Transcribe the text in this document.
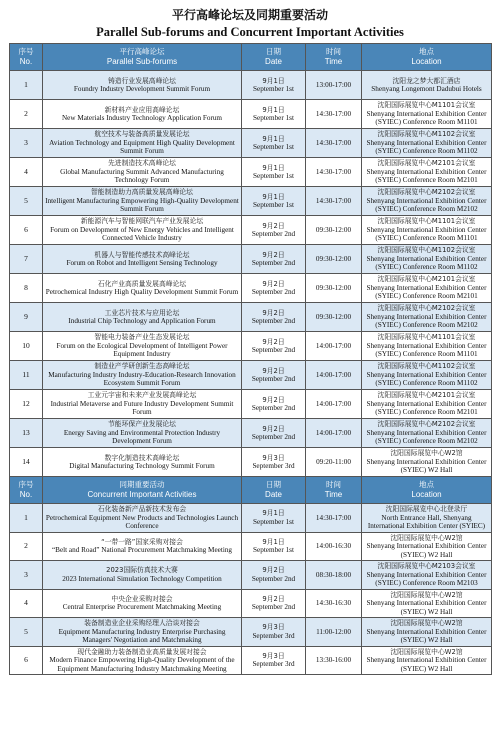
平行高峰论坛及同期重要活动
Parallel Sub-forums and Concurrent Important Activities
序号
No.	平行高峰论坛
Parallel Sub-forums	日期
Date	时间
Time	地点
Location

1	铸造行业发展高峰论坛
Foundry Industry Development Summit Forum	9月1日
September 1st	13:00-17:00	沈阳龙之梦大都汇酒店
Shenyang Longemont Dadubui Hotels

2	新材料产业应用高峰论坛
New Materials Industry Technology Application Forum	9月1日
September 1st	14:30-17:00	沈阳国际展览中心M1101会议室
Shenyang International Exhibition Center (SYIEC) Conference Room M1101

3	航空技术与装备高质量发展论坛
Aviation Technology and Equipment High Quality Development Summit Forum	9月1日
September 1st	14:30-17:00	沈阳国际展览中心M1102会议室
Shenyang International Exhibition Center (SYIEC) Conference Room M1102

4	先进制造技术高峰论坛
Global Manufacturing Summit Advanced Manufacturing Technology Forum	9月1日
September 1st	14:30-17:00	沈阳国际展览中心M2101会议室
Shenyang International Exhibition Center (SYIEC) Conference Room M2101

5	智能制造助力高质量发展高峰论坛
Intelligent Manufacturing Empowering High-Quality Development Summit Forum	9月1日
September 1st	14:30-17:00	沈阳国际展览中心M2102会议室
Shenyang International Exhibition Center (SYIEC) Conference Room M2102

6	新能源汽车与智能网联汽车产业发展论坛
Forum on Development of New Energy Vehicles and Intelligent Connected Vehicle Industry	9月2日
September 2nd	09:30-12:00	沈阳国际展览中心M1101会议室
Shenyang International Exhibition Center (SYIEC) Conference Room M1101

7	机器人与智能传感技术高峰论坛
Forum on Robot and Intelligent Sensing Technology	9月2日
September 2nd	09:30-12:00	沈阳国际展览中心M1102会议室
Shenyang International Exhibition Center (SYIEC) Conference Room M1102

8	石化产业高质量发展高峰论坛
Petrochemical Industry High Quality Development Summit Forum	9月2日
September 2nd	09:30-12:00	沈阳国际展览中心M2101会议室
Shenyang International Exhibition Center (SYIEC) Conference Room M2101

9	工业芯片技术与应用论坛
Industrial Chip Technology and Application Forum	9月2日
September 2nd	09:30-12:00	沈阳国际展览中心M2102会议室
Shenyang International Exhibition Center (SYIEC) Conference Room M2102

10	智能电力装备产业生态发展论坛
Forum on the Ecological Development of Intelligent Power Equipment Industry	9月2日
September 2nd	14:00-17:00	沈阳国际展览中心M1101会议室
Shenyang International Exhibition Center (SYIEC) Conference Room M1101

11	制造业产学研创新生态高峰论坛
Manufacturing Industry Industry-Education-Research Innovation Ecosystem Summit Forum	9月2日
September 2nd	14:00-17:00	沈阳国际展览中心M1102会议室
Shenyang International Exhibition Center (SYIEC) Conference Room M1102

12	工业元宇宙和未来产业发展高峰论坛
Industrial Metaverse and Future Industry Development Summit Forum	9月2日
September 2nd	14:00-17:00	沈阳国际展览中心M2101会议室
Shenyang International Exhibition Center (SYIEC) Conference Room M2101

13	节能环保产业发展论坛
Energy Saving and Environmental Protection Industry Development Forum	9月2日
September 2nd	14:00-17:00	沈阳国际展览中心M2102会议室
Shenyang International Exhibition Center (SYIEC) Conference Room M2102

14	数字化制造技术高峰论坛
Digital Manufacturing Technology Summit Forum	9月3日
September 3rd	09:20-11:00	沈阳国际展览中心W2馆
Shenyang International Exhibition Center (SYIEC) W2 Hall

序号
No.	同期重要活动
Concurrent Important Activities	日期
Date	时间
Time	地点
Location

1	石化装备新产品新技术发布会
Petrochemical Equipment New Products and Technologies Launch Conference	9月1日
September 1st	14:30-17:00	沈阳国际展览中心北登录厅
North Entrance Hall, Shenyang International Exhibition Center (SYIEC)

2	“一带一路”国家采购对接会
“Belt and Road” National Procurement Matchmaking Meeting	9月1日
September 1st	14:00-16:30	沈阳国际展览中心W2馆
Shenyang International Exhibition Center (SYIEC) W2 Hall

3	2023国际仿真技术大赛
2023 International Simulation Technology Competition	9月2日
September 2nd	08:30-18:00	沈阳国际展览中心M2103会议室
Shenyang International Exhibition Center (SYIEC) Conference Room M2103

4	中央企业采购对接会
Central Enterprise Procurement Matchmaking Meeting	9月2日
September 2nd	14:30-16:30	沈阳国际展览中心W2馆
Shenyang International Exhibition Center (SYIEC) W2 Hall

5	装备制造业企业采购经理人洽谈对接会
Equipment Manufacturing Industry Enterprise Purchasing Managers' Negotiation and Matchmaking	9月3日
September 3rd	11:00-12:00	沈阳国际展览中心W2馆
Shenyang International Exhibition Center (SYIEC) W2 Hall

6	现代金融助力装备制造业高质量发展对接会
Modern Finance Empowering High-Quality Development of the Equipment Manufacturing Industry Matchmaking Meeting	9月3日
September 3rd	13:30-16:00	沈阳国际展览中心W2馆
Shenyang International Exhibition Center (SYIEC) W2 Hall
